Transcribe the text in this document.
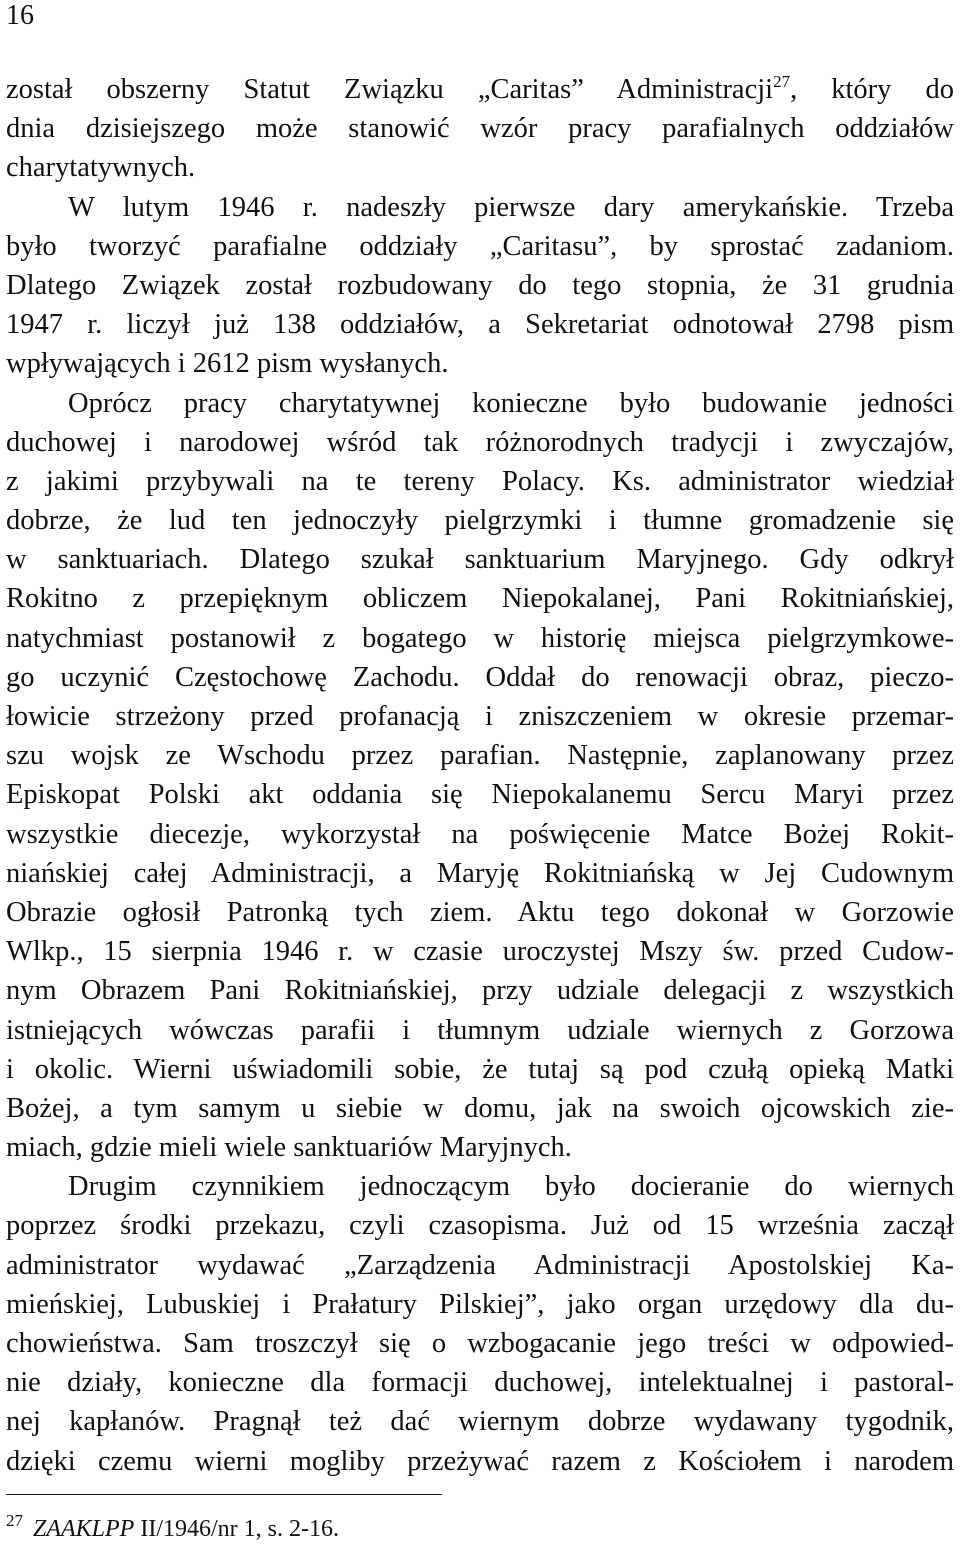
16
został obszerny Statut Związku „Caritas” Administracji$^{27}$, który do
dnia dzisiejszego może stanowić wzór pracy parafialnych oddziałów
charytatywnych.
W lutym 1946 r. nadeszły pierwsze dary amerykańskie. Trzeba
było tworzyć parafialne oddziały „Caritasu”, by sprostać zadaniom.
Dlatego Związek został rozbudowany do tego stopnia, że 31 grudnia
1947 r. liczył już 138 oddziałów, a Sekretariat odnotował 2798 pism
wpływających i 2612 pism wysłanych.
Oprócz pracy charytatywnej konieczne było budowanie jedności
duchowej i narodowej wśród tak różnorodnych tradycji i zwyczajów,
z jakimi przybywali na te tereny Polacy. Ks. administrator wiedział
dobrze, że lud ten jednoczyły pielgrzymki i tłumne gromadzenie się
w sanktuariach. Dlatego szukał sanktuarium Maryjnego. Gdy odkrył
Rokitno z przepięknym obliczem Niepokalanej, Pani Rokitniańskiej,
natychmiast postanowił z bogatego w historię miejsca pielgrzymkowe-
go uczynić Częstochowę Zachodu. Oddał do renowacji obraz, pieczo-
łowicie strzeżony przed profanacją i zniszczeniem w okresie przemar-
szu wojsk ze Wschodu przez parafian. Następnie, zaplanowany przez
Episkopat Polski akt oddania się Niepokalanemu Sercu Maryi przez
wszystkie diecezje, wykorzystał na poświęcenie Matce Bożej Rokit-
niańskiej całej Administracji, a Maryję Rokitniańską w Jej Cudownym
Obrazie ogłosił Patronką tych ziem. Aktu tego dokonał w Gorzowie
Wlkp., 15 sierpnia 1946 r. w czasie uroczystej Mszy św. przed Cudow-
nym Obrazem Pani Rokitniańskiej, przy udziale delegacji z wszystkich
istniejących wówczas parafii i tłumnym udziale wiernych z Gorzowa
i okolic. Wierni uświadomili sobie, że tutaj są pod czułą opieką Matki
Bożej, a tym samym u siebie w domu, jak na swoich ojcowskich zie-
miach, gdzie mieli wiele sanktuariów Maryjnych.
Drugim czynnikiem jednoczącym było docieranie do wiernych
poprzez środki przekazu, czyli czasopisma. Już od 15 września zaczął
administrator wydawać „Zarządzenia Administracji Apostolskiej Ka-
mieńskiej, Lubuskiej i Prałatury Pilskiej”, jako organ urzędowy dla du-
chowieństwa. Sam troszczył się o wzbogacanie jego treści w odpowied-
nie działy, konieczne dla formacji duchowej, intelektualnej i pastoral-
nej kapłanów. Pragnął też dać wiernym dobrze wydawany tygodnik,
dzięki czemu wierni mogliby przeżywać razem z Kościołem i narodem
$^{27}$ ZAAKLPP II/1946/nr 1, s. 2-16.
